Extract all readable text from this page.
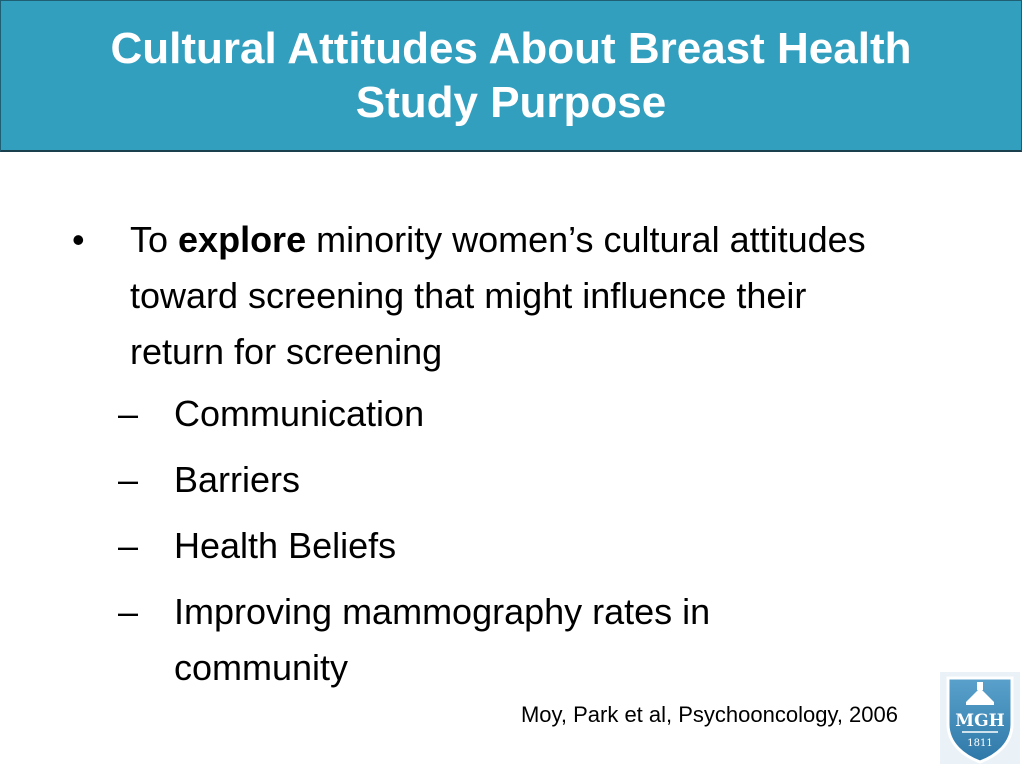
Cultural Attitudes About Breast Health
Study Purpose
• To explore minority women’s cultural attitudes toward screening that might influence their return for screening
– Communication
– Barriers
– Health Beliefs
– Improving mammography rates in community
Moy, Park et al, Psychooncology, 2006	MGH
1811
